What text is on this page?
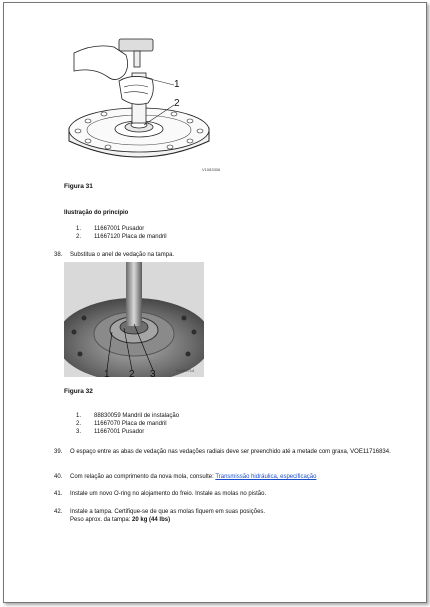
1
2
V1083306
Figura 31
Ilustração do princípio
1.	11667001 Pusador
2.	11667120 Placa de mandril
38.	Substitua o anel de vedação na tampa.
1 2 3	V1080714
Figura 32
1.	88830059 Mandril de instalação
2.	11667070 Placa de mandril
3.	11667001 Pusador
39.	O espaço entre as abas de vedação nas vedações radiais deve ser preenchido até a metade com graxa, VOE11716834.
40.	Com relação ao comprimento da nova mola, consulte: Transmissão hidráulica, especificação
41.	Instale um novo O-ring no alojamento do freio. Instale as molas no pistão.
42.	Instale a tampa. Certifique-se de que as molas fiquem em suas posições.
Peso aprox. da tampa: 20 kg (44 lbs)
